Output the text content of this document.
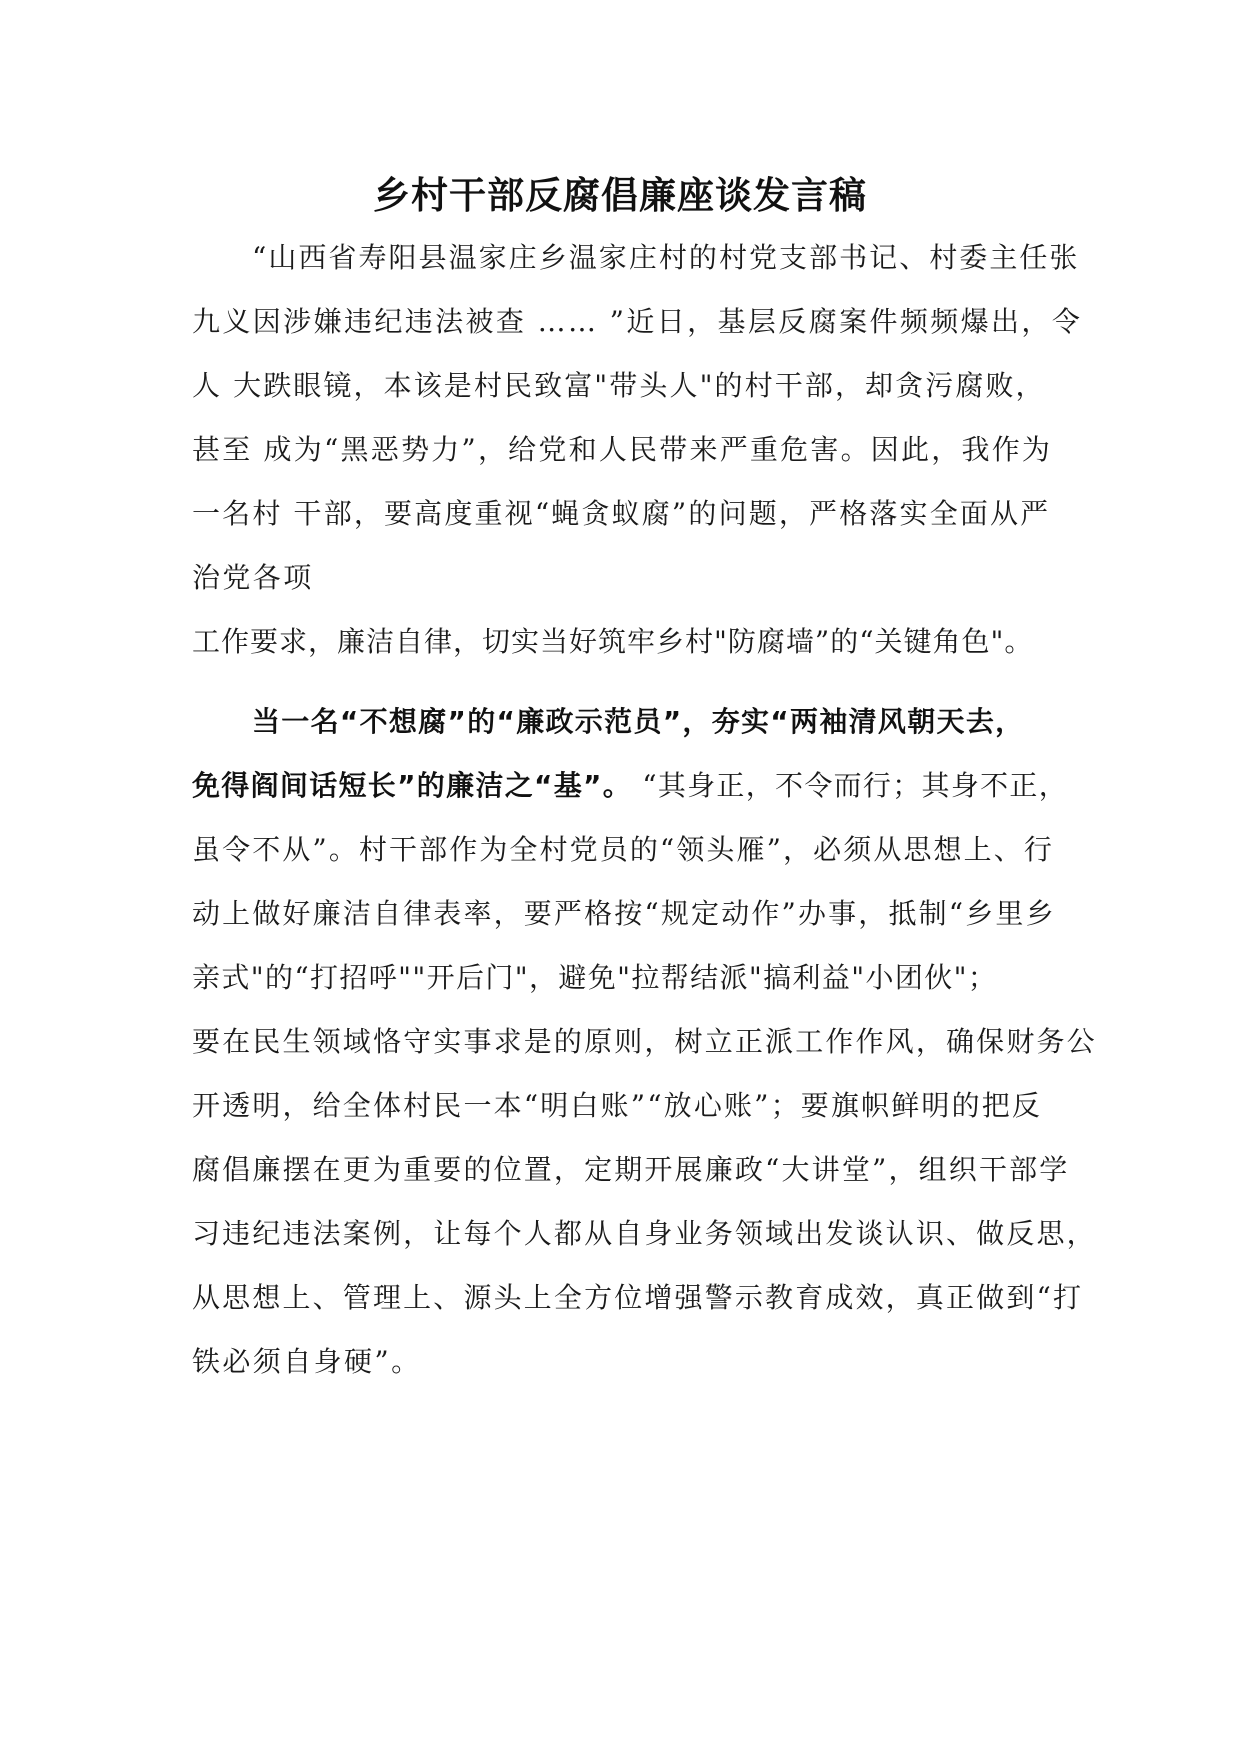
乡村干部反腐倡廉座谈发言稿
“山西省寿阳县温家庄乡温家庄村的村党支部书记、村委主任张
九义因涉嫌违纪违法被查 …… ”近日，基层反腐案件频频爆出，令
人 大跌眼镜，本该是村民致富"带头人"的村干部，却贪污腐败，
甚至 成为“黑恶势力”，给党和人民带来严重危害。因此，我作为
一名村 干部，要高度重视“蝇贪蚁腐”的问题，严格落实全面从严
治党各项
工作要求，廉洁自律，切实当好筑牢乡村"防腐墙”的“关键角色"。
当一名“不想腐”的“廉政示范员”，夯实“两袖清风朝天去，
免得阎间话短长”的廉洁之“基”。 “其身正，不令而行；其身不正，
虽令不从”。村干部作为全村党员的“领头雁”，必须从思想上、行
动上做好廉洁自律表率，要严格按“规定动作”办事，抵制“乡里乡
亲式"的“打招呼""开后门"，避免"拉帮结派"搞利益"小团伙"；
要在民生领域恪守实事求是的原则，树立正派工作作风，确保财务公
开透明，给全体村民一本“明白账”“放心账”；要旗帜鲜明的把反
腐倡廉摆在更为重要的位置，定期开展廉政“大讲堂”，组织干部学
习违纪违法案例，让每个人都从自身业务领域出发谈认识、做反思，
从思想上、管理上、源头上全方位增强警示教育成效，真正做到“打
铁必须自身硬”。
